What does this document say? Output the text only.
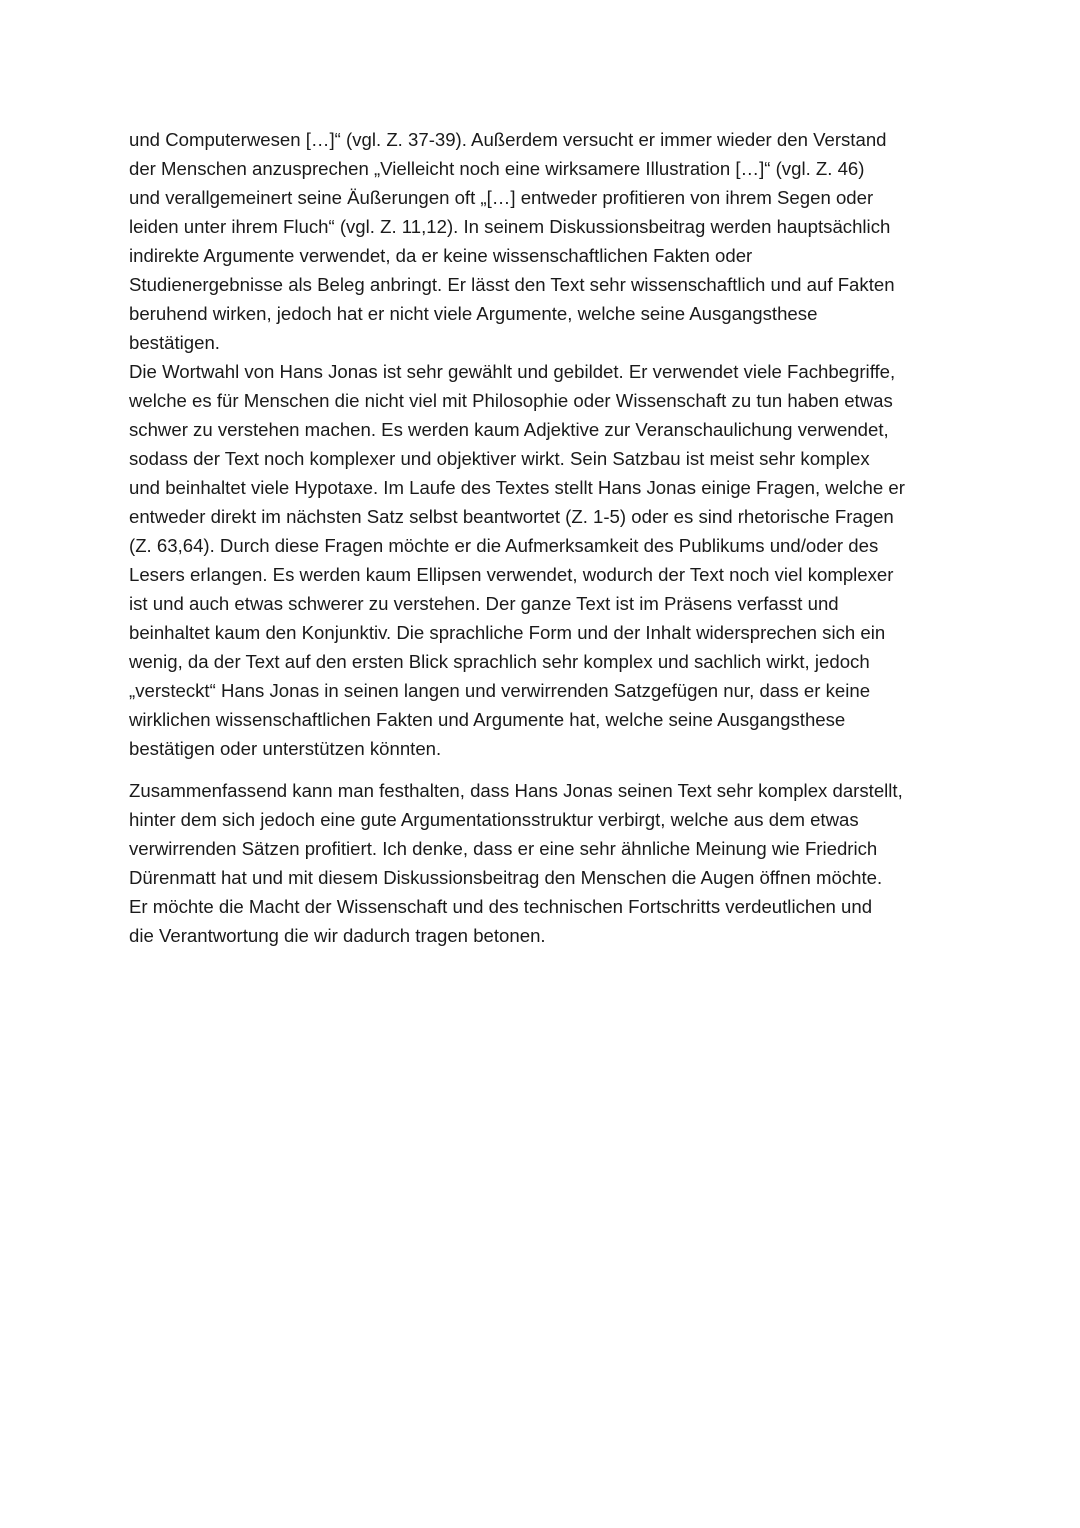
und Computerwesen […]“ (vgl. Z. 37-39). Außerdem versucht er immer wieder den Verstand
der Menschen anzusprechen „Vielleicht noch eine wirksamere Illustration […]“ (vgl. Z. 46)
und verallgemeinert seine Äußerungen oft „[…] entweder profitieren von ihrem Segen oder
leiden unter ihrem Fluch“ (vgl. Z. 11,12). In seinem Diskussionsbeitrag werden hauptsächlich
indirekte Argumente verwendet, da er keine wissenschaftlichen Fakten oder
Studienergebnisse als Beleg anbringt. Er lässt den Text sehr wissenschaftlich und auf Fakten
beruhend wirken, jedoch hat er nicht viele Argumente, welche seine Ausgangsthese
bestätigen.
Die Wortwahl von Hans Jonas ist sehr gewählt und gebildet. Er verwendet viele Fachbegriffe,
welche es für Menschen die nicht viel mit Philosophie oder Wissenschaft zu tun haben etwas
schwer zu verstehen machen. Es werden kaum Adjektive zur Veranschaulichung verwendet,
sodass der Text noch komplexer und objektiver wirkt. Sein Satzbau ist meist sehr komplex
und beinhaltet viele Hypotaxe. Im Laufe des Textes stellt Hans Jonas einige Fragen, welche er
entweder direkt im nächsten Satz selbst beantwortet (Z. 1-5) oder es sind rhetorische Fragen
(Z. 63,64). Durch diese Fragen möchte er die Aufmerksamkeit des Publikums und/oder des
Lesers erlangen. Es werden kaum Ellipsen verwendet, wodurch der Text noch viel komplexer
ist und auch etwas schwerer zu verstehen. Der ganze Text ist im Präsens verfasst und
beinhaltet kaum den Konjunktiv. Die sprachliche Form und der Inhalt widersprechen sich ein
wenig, da der Text auf den ersten Blick sprachlich sehr komplex und sachlich wirkt, jedoch
„versteckt“ Hans Jonas in seinen langen und verwirrenden Satzgefügen nur, dass er keine
wirklichen wissenschaftlichen Fakten und Argumente hat, welche seine Ausgangsthese
bestätigen oder unterstützen könnten.
Zusammenfassend kann man festhalten, dass Hans Jonas seinen Text sehr komplex darstellt,
hinter dem sich jedoch eine gute Argumentationsstruktur verbirgt, welche aus dem etwas
verwirrenden Sätzen profitiert. Ich denke, dass er eine sehr ähnliche Meinung wie Friedrich
Dürenmatt hat und mit diesem Diskussionsbeitrag den Menschen die Augen öffnen möchte.
Er möchte die Macht der Wissenschaft und des technischen Fortschritts verdeutlichen und
die Verantwortung die wir dadurch tragen betonen.
